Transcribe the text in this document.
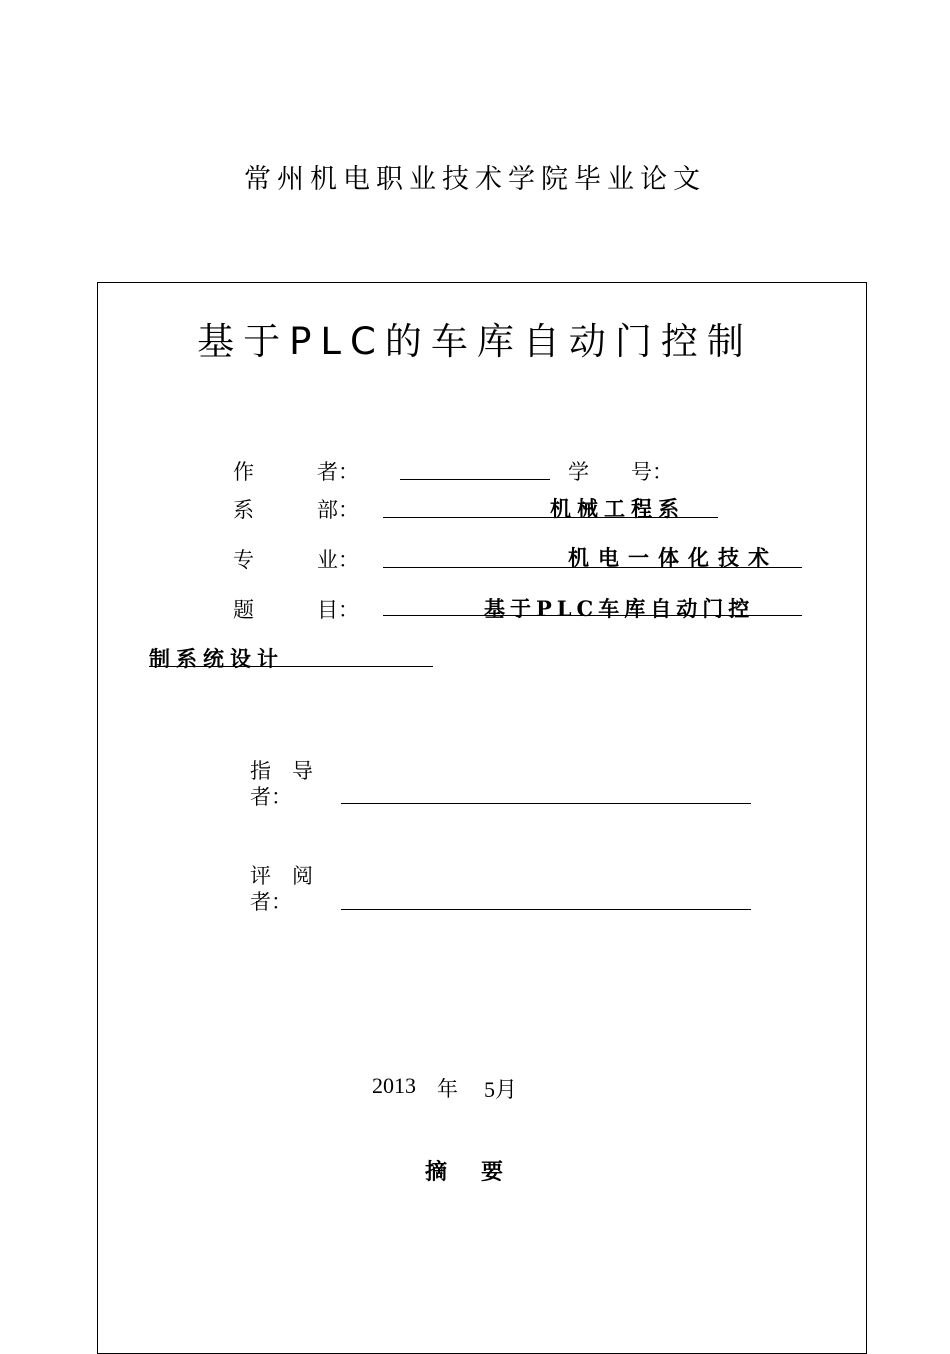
常州机电职业技术学院毕业论文
基于PLC的车库自动门控制
作　　　者：	学　　号：
系　　　部：	机械工程系
专　　　业：	机电一体化技术
题　　　目：	基于PLC车库自动门控
制系统设计
指　导
者：
评　阅
者：
2013 年 5月
摘要
